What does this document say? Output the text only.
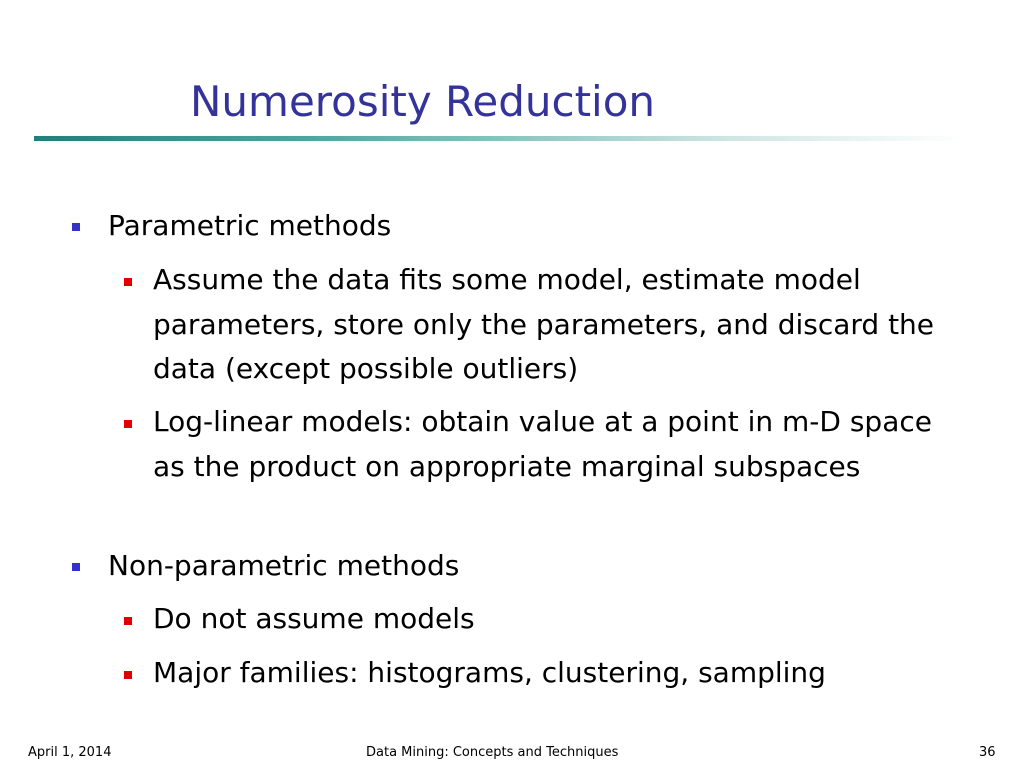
Numerosity Reduction
Parametric methods
Assume the data fits some model, estimate model parameters, store only the parameters, and discard the data (except possible outliers)
Log-linear models: obtain value at a point in m-D space as the product on appropriate marginal subspaces
Non-parametric methods
Do not assume models
Major families: histograms, clustering, sampling
April 1, 2014	Data Mining: Concepts and Techniques	36
